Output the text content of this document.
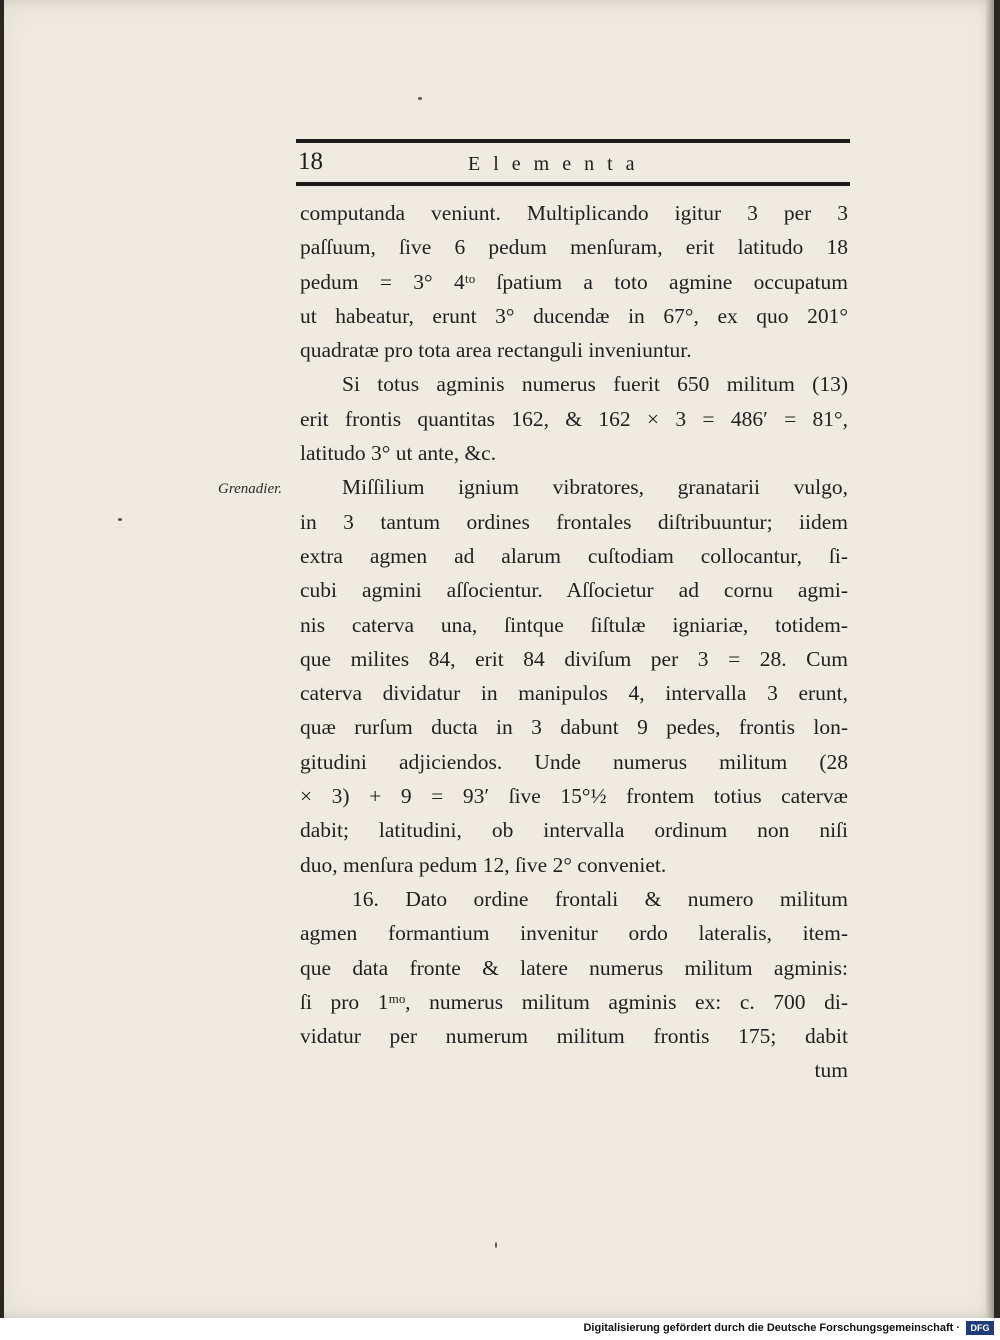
18	Elementa
Grenadier.
computanda veniunt. Multiplicando igitur 3 per 3
paſſuum, ſive 6 pedum menſuram, erit latitudo 18
pedum = 3° 4ᵗᵒ ſpatium a toto agmine occupatum
ut habeatur, erunt 3° ducendæ in 67°, ex quo 201°
quadratæ pro tota area rectanguli inveniuntur.
Si totus agminis numerus fuerit 650 militum (13)
erit frontis quantitas 162, & 162 × 3 = 486′ = 81°,
latitudo 3° ut ante, &c.
Miſſilium ignium vibratores, granatarii vulgo,
in 3 tantum ordines frontales diſtribuuntur; iidem
extra agmen ad alarum cuſtodiam collocantur, ſi-
cubi agmini aſſocientur. Aſſocietur ad cornu agmi-
nis caterva una, ſintque ſiſtulæ igniariæ, totidem-
que milites 84, erit 84 diviſum per 3 = 28. Cum
caterva dividatur in manipulos 4, intervalla 3 erunt,
quæ rurſum ducta in 3 dabunt 9 pedes, frontis lon-
gitudini adjiciendos. Unde numerus militum (28
× 3) + 9 = 93′ ſive 15°½ frontem totius catervæ
dabit; latitudini, ob intervalla ordinum non niſi
duo, menſura pedum 12, ſive 2° conveniet.
16. Dato ordine frontali & numero militum
agmen formantium invenitur ordo lateralis, item-
que data fronte & latere numerus militum agminis:
ſi pro 1ᵐᵒ, numerus militum agminis ex: c. 700 di-
vidatur per numerum militum frontis 175; dabit
tum
Digitalisierung gefördert durch die Deutsche Forschungsgemeinschaft ·	DFG
